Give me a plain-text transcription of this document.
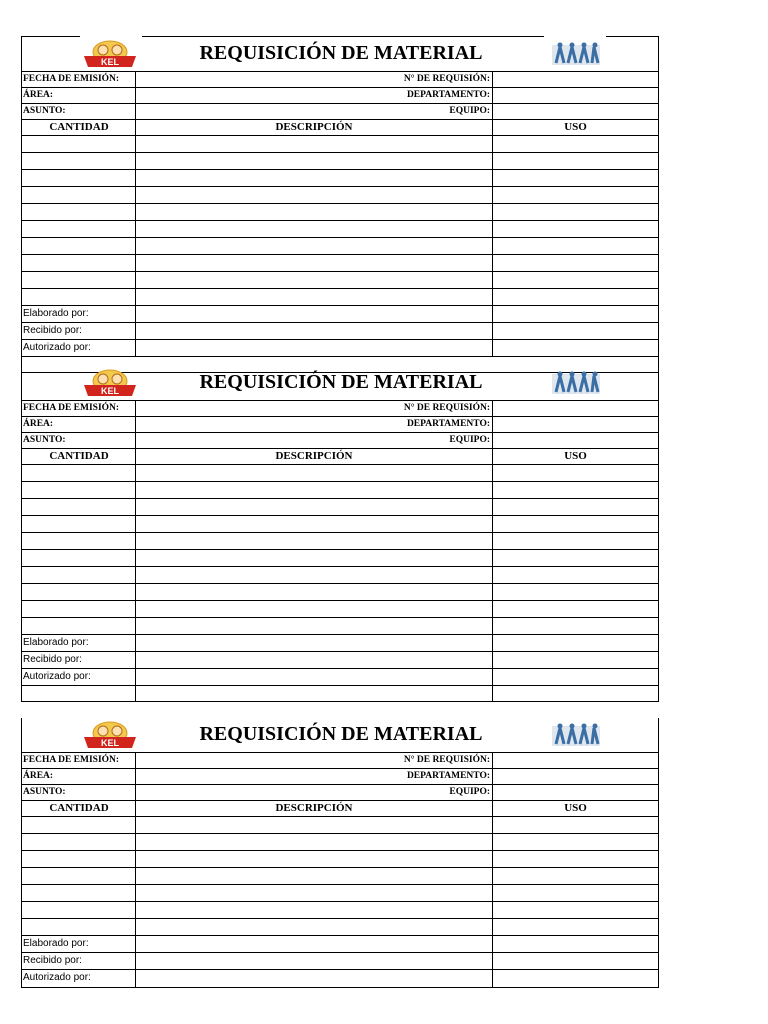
KEL	REQUISICIÓN DE MATERIAL
FECHA DE EMISIÓN:	N° DE REQUISIÓN:
ÁREA:	DEPARTAMENTO:
ASUNTO:	EQUIPO:
CANTIDAD	DESCRIPCIÓN	USO
Elaborado por:
Recibido por:
Autorizado por:
KEL	REQUISICIÓN DE MATERIAL
FECHA DE EMISIÓN:	N° DE REQUISIÓN:
ÁREA:	DEPARTAMENTO:
ASUNTO:	EQUIPO:
CANTIDAD	DESCRIPCIÓN	USO
Elaborado por:
Recibido por:
Autorizado por:
KEL	REQUISICIÓN DE MATERIAL
FECHA DE EMISIÓN:	N° DE REQUISIÓN:
ÁREA:	DEPARTAMENTO:
ASUNTO:	EQUIPO:
CANTIDAD	DESCRIPCIÓN	USO
Elaborado por:
Recibido por:
Autorizado por:
